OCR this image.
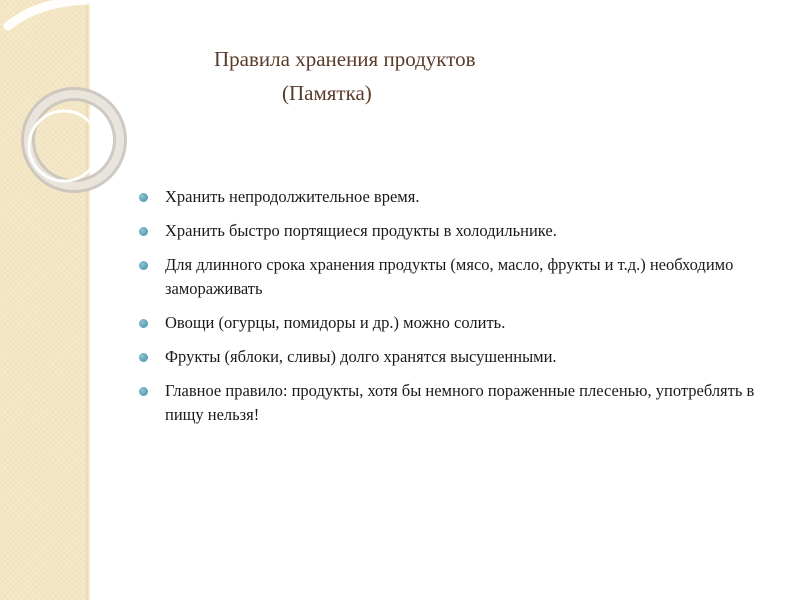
Правила хранения продуктов
(Памятка)
Хранить непродолжительное время.
Хранить быстро портящиеся продукты в холодильнике.
Для длинного срока хранения продукты (мясо, масло, фрукты и т.д.) необходимо замораживать
Овощи (огурцы, помидоры и др.) можно солить.
Фрукты (яблоки, сливы) долго хранятся высушенными.
Главное правило: продукты, хотя бы немного пораженные плесенью, употреблять в пищу нельзя!
